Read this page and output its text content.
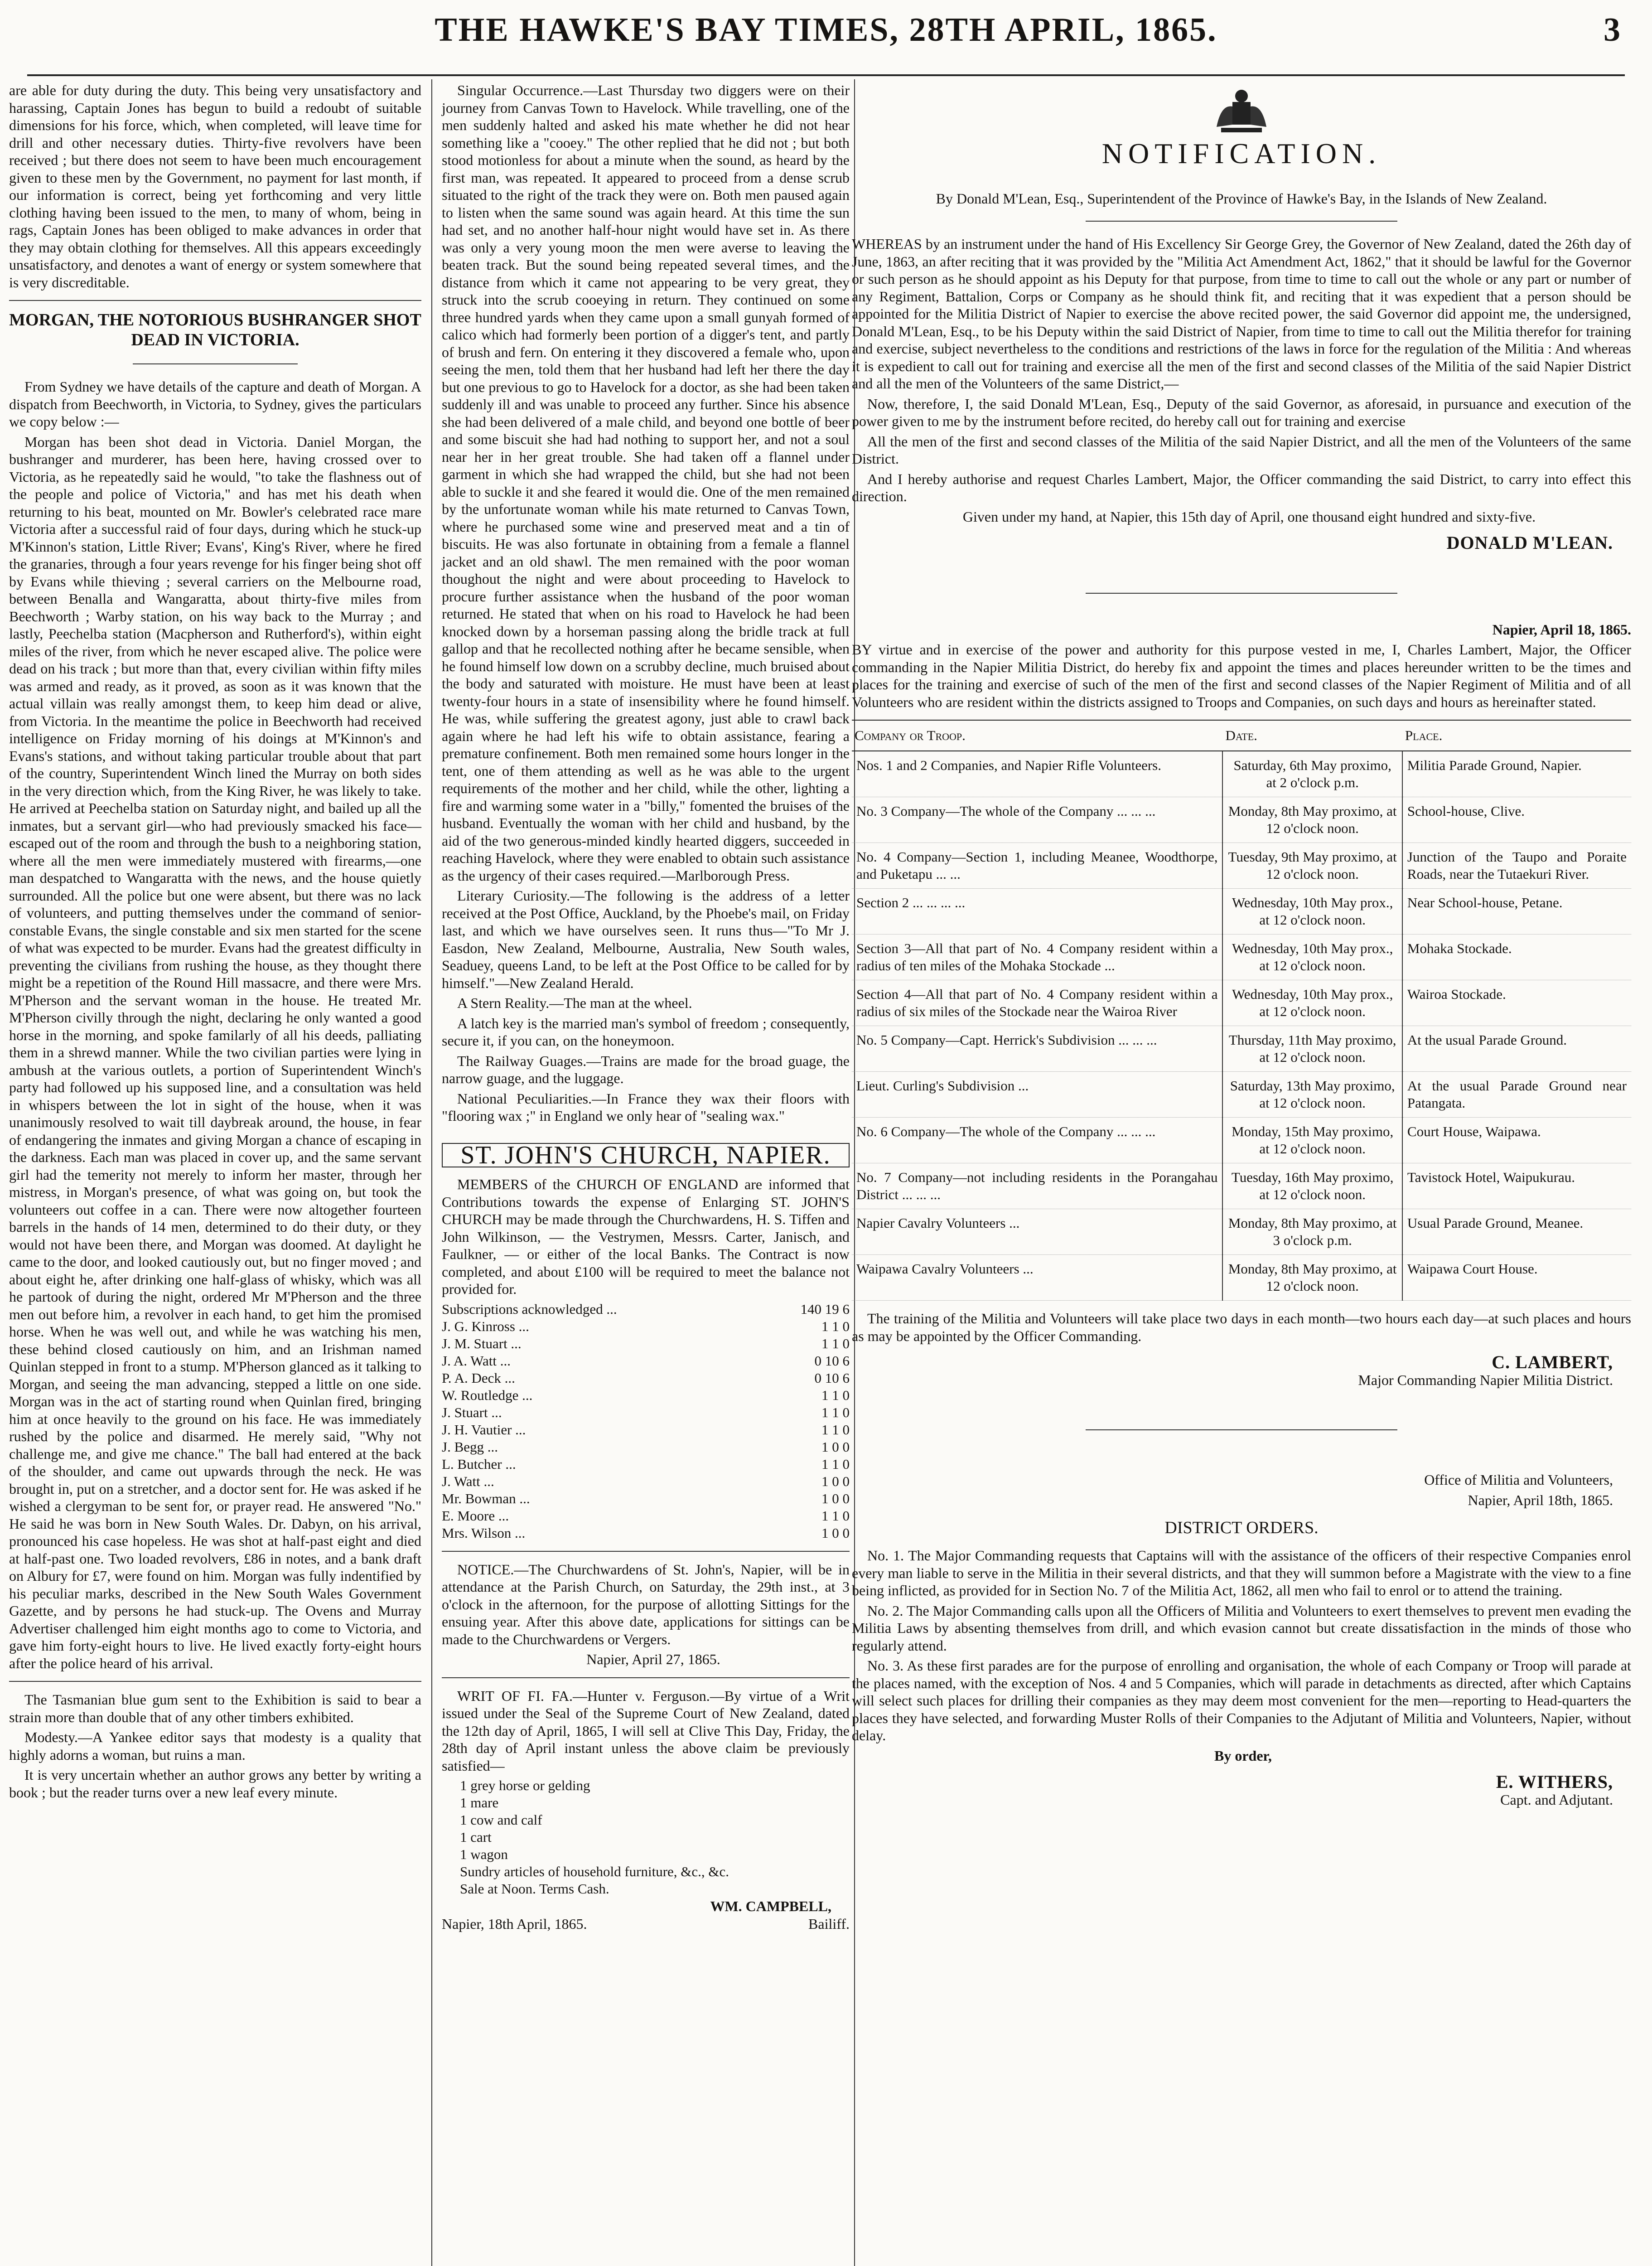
THE HAWKE'S BAY TIMES, 28TH APRIL, 1865.	3

are able for duty during the duty. This being very unsatisfactory and harassing, Captain Jones has begun to build a redoubt of suitable dimensions for his force, which, when completed, will leave time for drill and other necessary duties. Thirty-five revolvers have been received ; but there does not seem to have been much encouragement given to these men by the Government, no payment for last month, if our information is correct, being yet forthcoming and very little clothing having been issued to the men, to many of whom, being in rags, Captain Jones has been obliged to make advances in order that they may obtain clothing for themselves. All this appears exceedingly unsatisfactory, and denotes a want of energy or system somewhere that is very discreditable.

MORGAN, THE NOTORIOUS BUSHRANGER SHOT DEAD IN VICTORIA.

From Sydney we have details of the capture and death of Morgan. A dispatch from Beechworth, in Victoria, to Sydney, gives the particulars we copy below :—

Morgan has been shot dead in Victoria. Daniel Morgan, the bushranger and murderer, has been here, having crossed over to Victoria, as he repeatedly said he would, "to take the flashness out of the people and police of Victoria," and has met his death when returning to his beat, mounted on Mr. Bowler's celebrated race mare Victoria after a successful raid of four days, during which he stuck-up M'Kinnon's station, Little River; Evans', King's River, where he fired the granaries, through a four years revenge for his finger being shot off by Evans while thieving ; several carriers on the Melbourne road, between Benalla and Wangaratta, about thirty-five miles from Beechworth ; Warby station, on his way back to the Murray ; and lastly, Peechelba station (Macpherson and Rutherford's), within eight miles of the river, from which he never escaped alive. The police were dead on his track ; but more than that, every civilian within fifty miles was armed and ready, as it proved, as soon as it was known that the actual villain was really amongst them, to keep him dead or alive, from Victoria. In the meantime the police in Beechworth had received intelligence on Friday morning of his doings at M'Kinnon's and Evans's stations, and without taking particular trouble about that part of the country, Superintendent Winch lined the Murray on both sides in the very direction which, from the King River, he was likely to take. He arrived at Peechelba station on Saturday night, and bailed up all the inmates, but a servant girl—who had previously smacked his face—escaped out of the room and through the bush to a neighboring station, where all the men were immediately mustered with firearms,—one man despatched to Wangaratta with the news, and the house quietly surrounded. All the police but one were absent, but there was no lack of volunteers, and putting themselves under the command of senior-constable Evans, the single constable and six men started for the scene of what was expected to be murder. Evans had the greatest difficulty in preventing the civilians from rushing the house, as they thought there might be a repetition of the Round Hill massacre, and there were Mrs. M'Pherson and the servant woman in the house. He treated Mr. M'Pherson civilly through the night, declaring he only wanted a good horse in the morning, and spoke familarly of all his deeds, palliating them in a shrewd manner. While the two civilian parties were lying in ambush at the various outlets, a portion of Superintendent Winch's party had followed up his supposed line, and a consultation was held in whispers between the lot in sight of the house, when it was unanimously resolved to wait till daybreak around, the house, in fear of endangering the inmates and giving Morgan a chance of escaping in the darkness. Each man was placed in cover up, and the same servant girl had the temerity not merely to inform her master, through her mistress, in Morgan's presence, of what was going on, but took the volunteers out coffee in a can. There were now altogether fourteen barrels in the hands of 14 men, determined to do their duty, or they would not have been there, and Morgan was doomed. At daylight he came to the door, and looked cautiously out, but no finger moved ; and about eight he, after drinking one half-glass of whisky, which was all he partook of during the night, ordered Mr M'Pherson and the three men out before him, a revolver in each hand, to get him the promised horse. When he was well out, and while he was watching his men, these behind closed cautiously on him, and an Irishman named Quinlan stepped in front to a stump. M'Pherson glanced as it talking to Morgan, and seeing the man advancing, stepped a little on one side. Morgan was in the act of starting round when Quinlan fired, bringing him at once heavily to the ground on his face. He was immediately rushed by the police and disarmed. He merely said, "Why not challenge me, and give me chance." The ball had entered at the back of the shoulder, and came out upwards through the neck. He was brought in, put on a stretcher, and a doctor sent for. He was asked if he wished a clergyman to be sent for, or prayer read. He answered "No." He said he was born in New South Wales. Dr. Dabyn, on his arrival, pronounced his case hopeless. He was shot at half-past eight and died at half-past one. Two loaded revolvers, £86 in notes, and a bank draft on Albury for £7, were found on him. Morgan was fully indentified by his peculiar marks, described in the New South Wales Government Gazette, and by persons he had stuck-up. The Ovens and Murray Advertiser challenged him eight months ago to come to Victoria, and gave him forty-eight hours to live. He lived exactly forty-eight hours after the police heard of his arrival.

The Tasmanian blue gum sent to the Exhibition is said to bear a strain more than double that of any other timbers exhibited.

Modesty.—A Yankee editor says that modesty is a quality that highly adorns a woman, but ruins a man.

It is very uncertain whether an author grows any better by writing a book ; but the reader turns over a new leaf every minute.

Singular Occurrence.—Last Thursday two diggers were on their journey from Canvas Town to Havelock. While travelling, one of the men suddenly halted and asked his mate whether he did not hear something like a "cooey." The other replied that he did not ; but both stood motionless for about a minute when the sound, as heard by the first man, was repeated. It appeared to proceed from a dense scrub situated to the right of the track they were on. Both men paused again to listen when the same sound was again heard. At this time the sun had set, and no another half-hour night would have set in. As there was only a very young moon the men were averse to leaving the beaten track. But the sound being repeated several times, and the distance from which it came not appearing to be very great, they struck into the scrub cooeying in return. They continued on some three hundred yards when they came upon a small gunyah formed of calico which had formerly been portion of a digger's tent, and partly of brush and fern. On entering it they discovered a female who, upon seeing the men, told them that her husband had left her there the day but one previous to go to Havelock for a doctor, as she had been taken suddenly ill and was unable to proceed any further. Since his absence she had been delivered of a male child, and beyond one bottle of beer and some biscuit she had had nothing to support her, and not a soul near her in her great trouble. She had taken off a flannel under garment in which she had wrapped the child, but she had not been able to suckle it and she feared it would die. One of the men remained by the unfortunate woman while his mate returned to Canvas Town, where he purchased some wine and preserved meat and a tin of biscuits. He was also fortunate in obtaining from a female a flannel jacket and an old shawl. The men remained with the poor woman thoughout the night and were about proceeding to Havelock to procure further assistance when the husband of the poor woman returned. He stated that when on his road to Havelock he had been knocked down by a horseman passing along the bridle track at full gallop and that he recollected nothing after he became sensible, when he found himself low down on a scrubby decline, much bruised about the body and saturated with moisture. He must have been at least twenty-four hours in a state of insensibility where he found himself. He was, while suffering the greatest agony, just able to crawl back again where he had left his wife to obtain assistance, fearing a premature confinement. Both men remained some hours longer in the tent, one of them attending as well as he was able to the urgent requirements of the mother and her child, while the other, lighting a fire and warming some water in a "billy," fomented the bruises of the husband. Eventually the woman with her child and husband, by the aid of the two generous-minded kindly hearted diggers, succeeded in reaching Havelock, where they were enabled to obtain such assistance as the urgency of their cases required.—Marlborough Press.

Literary Curiosity.—The following is the address of a letter received at the Post Office, Auckland, by the Phoebe's mail, on Friday last, and which we have ourselves seen. It runs thus—"To Mr J. Easdon, New Zealand, Melbourne, Australia, New South wales, Seaduey, queens Land, to be left at the Post Office to be called for by himself."—New Zealand Herald.

A Stern Reality.—The man at the wheel.

A latch key is the married man's symbol of freedom ; consequently, secure it, if you can, on the honeymoon.

The Railway Guages.—Trains are made for the broad guage, the narrow guage, and the luggage.

National Peculiarities.—In France they wax their floors with "flooring wax ;" in England we only hear of "sealing wax."

ST. JOHN'S CHURCH, NAPIER.

MEMBERS of the CHURCH OF ENGLAND are informed that Contributions towards the expense of Enlarging ST. JOHN'S CHURCH may be made through the Churchwardens, H. S. Tiffen and John Wilkinson, — the Vestrymen, Messrs. Carter, Janisch, and Faulkner, — or either of the local Banks. The Contract is now completed, and about £100 will be required to meet the balance not provided for.

Subscriptions acknowledged ...	140 19 6
J. G. Kinross ...	1 1 0
J. M. Stuart ...	1 1 0
J. A. Watt ...	0 10 6
P. A. Deck ...	0 10 6
W. Routledge ...	1 1 0
J. Stuart ...	1 1 0
J. H. Vautier ...	1 1 0
J. Begg ...	1 0 0
L. Butcher ...	1 1 0
J. Watt ...	1 0 0
Mr. Bowman ...	1 0 0
E. Moore ...	1 1 0
Mrs. Wilson ...	1 0 0

NOTICE.—The Churchwardens of St. John's, Napier, will be in attendance at the Parish Church, on Saturday, the 29th inst., at 3 o'clock in the afternoon, for the purpose of allotting Sittings for the ensuing year. After this above date, applications for sittings can be made to the Churchwardens or Vergers.

Napier, April 27, 1865.

WRIT OF FI. FA.—Hunter v. Ferguson.—By virtue of a Writ issued under the Seal of the Supreme Court of New Zealand, dated the 12th day of April, 1865, I will sell at Clive This Day, Friday, the 28th day of April instant unless the above claim be previously satisfied—

1 grey horse or gelding
1 mare
1 cow and calf
1 cart
1 wagon
Sundry articles of household furniture, &c., &c.
Sale at Noon. Terms Cash.
WM. CAMPBELL,
Napier, 18th April, 1865.	Bailiff.
NOTIFICATION.

By Donald M'Lean, Esq., Superintendent of the Province of Hawke's Bay, in the Islands of New Zealand.

WHEREAS by an instrument under the hand of His Excellency Sir George Grey, the Governor of New Zealand, dated the 26th day of June, 1863, an after reciting that it was provided by the "Militia Act Amendment Act, 1862," that it should be lawful for the Governor or such person as he should appoint as his Deputy for that purpose, from time to time to call out the whole or any part or number of any Regiment, Battalion, Corps or Company as he should think fit, and reciting that it was expedient that a person should be appointed for the Militia District of Napier to exercise the above recited power, the said Governor did appoint me, the undersigned, Donald M'Lean, Esq., to be his Deputy within the said District of Napier, from time to time to call out the Militia therefor for training and exercise, subject nevertheless to the conditions and restrictions of the laws in force for the regulation of the Militia : And whereas it is expedient to call out for training and exercise all the men of the first and second classes of the Militia of the said Napier District and all the men of the Volunteers of the same District,—

Now, therefore, I, the said Donald M'Lean, Esq., Deputy of the said Governor, as aforesaid, in pursuance and execution of the power given to me by the instrument before recited, do hereby call out for training and exercise

All the men of the first and second classes of the Militia of the said Napier District, and all the men of the Volunteers of the same District.

And I hereby authorise and request Charles Lambert, Major, the Officer commanding the said District, to carry into effect this direction.

Given under my hand, at Napier, this 15th day of April, one thousand eight hundred and sixty-five.

DONALD M'LEAN.

Napier, April 18, 1865.

BY virtue and in exercise of the power and authority for this purpose vested in me, I, Charles Lambert, Major, the Officer commanding in the Napier Militia District, do hereby fix and appoint the times and places hereunder written to be the times and places for the training and exercise of such of the men of the first and second classes of the Napier Regiment of Militia and of all Volunteers who are resident within the districts assigned to Troops and Companies, on such days and hours as hereinafter stated.

Company or Troop.	Date.	Place.
Nos. 1 and 2 Companies, and Napier Rifle Volunteers.	Saturday, 6th May proximo, at 2 o'clock p.m.	Militia Parade Ground, Napier.
No. 3 Company—The whole of the Company ... ... ...	Monday, 8th May proximo, at 12 o'clock noon.	School-house, Clive.
No. 4 Company—Section 1, including Meanee, Woodthorpe, and Puketapu ... ...	Tuesday, 9th May proximo, at 12 o'clock noon.	Junction of the Taupo and Poraite Roads, near the Tutaekuri River.
Section 2 ... ... ... ...	Wednesday, 10th May prox., at 12 o'clock noon.	Near School-house, Petane.
Section 3—All that part of No. 4 Company resident within a radius of ten miles of the Mohaka Stockade ...	Wednesday, 10th May prox., at 12 o'clock noon.	Mohaka Stockade.
Section 4—All that part of No. 4 Company resident within a radius of six miles of the Stockade near the Wairoa River	Wednesday, 10th May prox., at 12 o'clock noon.	Wairoa Stockade.
No. 5 Company—Capt. Herrick's Subdivision ... ... ...	Thursday, 11th May proximo, at 12 o'clock noon.	At the usual Parade Ground.
Lieut. Curling's Subdivision ...	Saturday, 13th May proximo, at 12 o'clock noon.	At the usual Parade Ground near Patangata.
No. 6 Company—The whole of the Company ... ... ...	Monday, 15th May proximo, at 12 o'clock noon.	Court House, Waipawa.
No. 7 Company—not including residents in the Porangahau District ... ... ...	Tuesday, 16th May proximo, at 12 o'clock noon.	Tavistock Hotel, Waipukurau.
Napier Cavalry Volunteers ...	Monday, 8th May proximo, at 3 o'clock p.m.	Usual Parade Ground, Meanee.
Waipawa Cavalry Volunteers ...	Monday, 8th May proximo, at 12 o'clock noon.	Waipawa Court House.

The training of the Militia and Volunteers will take place two days in each month—two hours each day—at such places and hours as may be appointed by the Officer Commanding.

C. LAMBERT,

Major Commanding Napier Militia District.

Office of Militia and Volunteers,

Napier, April 18th, 1865.

DISTRICT ORDERS.

No. 1. The Major Commanding requests that Captains will with the assistance of the officers of their respective Companies enrol every man liable to serve in the Militia in their several districts, and that they will summon before a Magistrate with the view to a fine being inflicted, as provided for in Section No. 7 of the Militia Act, 1862, all men who fail to enrol or to attend the training.

No. 2. The Major Commanding calls upon all the Officers of Militia and Volunteers to exert themselves to prevent men evading the Militia Laws by absenting themselves from drill, and which evasion cannot but create dissatisfaction in the minds of those who regularly attend.

No. 3. As these first parades are for the purpose of enrolling and organisation, the whole of each Company or Troop will parade at the places named, with the exception of Nos. 4 and 5 Companies, which will parade in detachments as directed, after which Captains will select such places for drilling their companies as they may deem most convenient for the men—reporting to Head-quarters the places they have selected, and forwarding Muster Rolls of their Companies to the Adjutant of Militia and Volunteers, Napier, without delay.

By order,

E. WITHERS,

Capt. and Adjutant.
